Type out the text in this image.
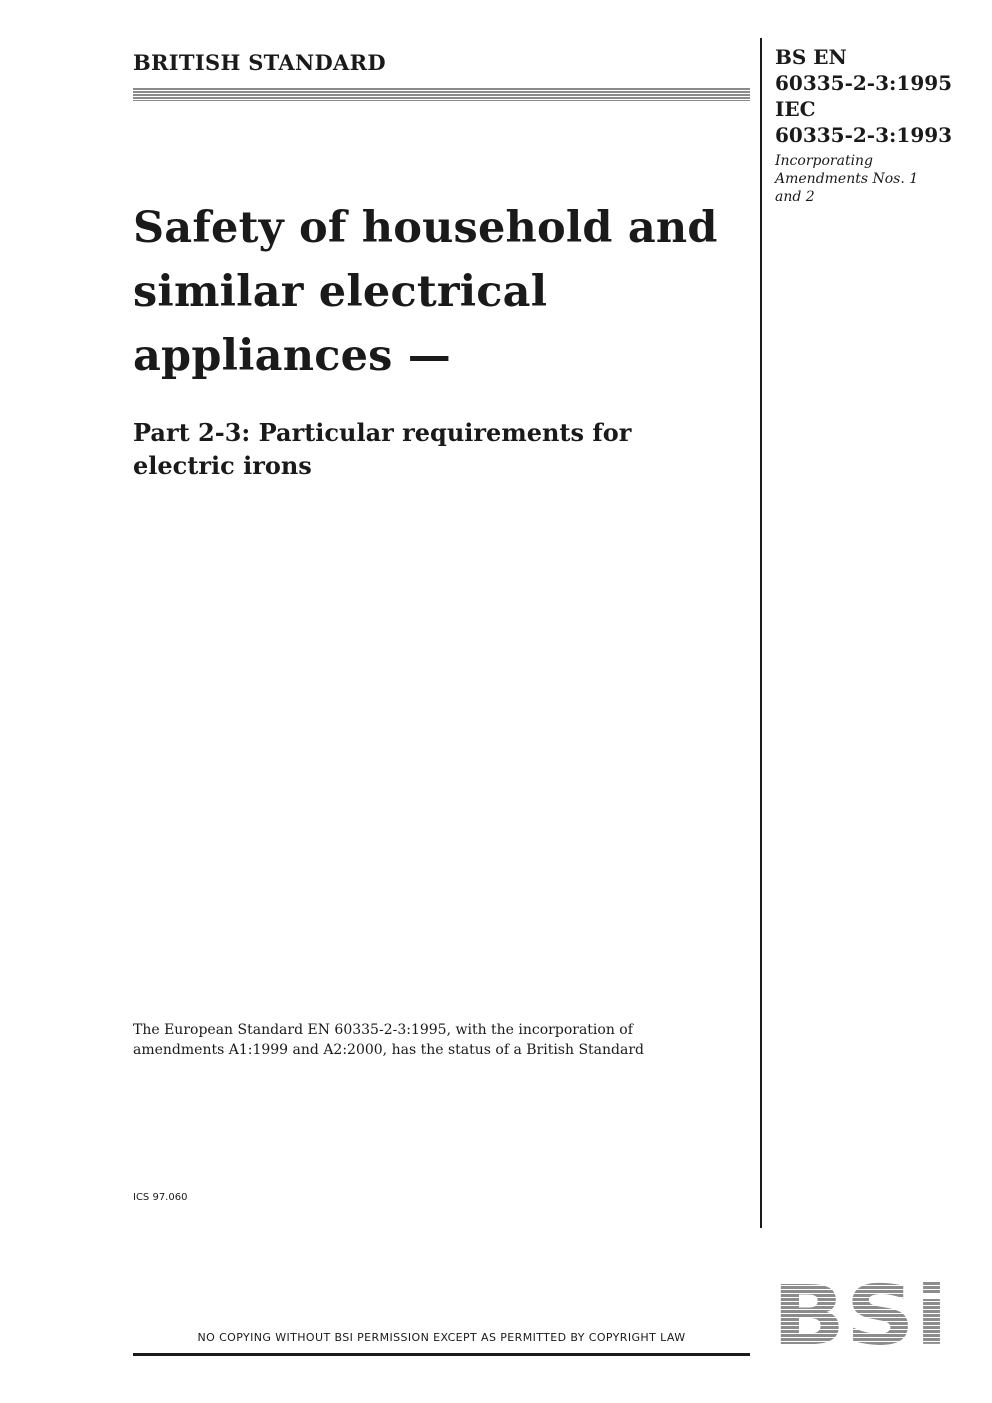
BRITISH STANDARD	BS EN
60335-2-3:1995
IEC
60335-2-3:1993
Incorporating
Amendments Nos. 1
and 2
Safety of household and
similar electrical
appliances —
Part 2-3: Particular requirements for
electric irons
The European Standard EN 60335-2-3:1995, with the incorporation of
amendments A1:1999 and A2:2000, has the status of a British Standard
ICS 97.060
NO COPYING WITHOUT BSI PERMISSION EXCEPT AS PERMITTED BY COPYRIGHT LAW	BSi
